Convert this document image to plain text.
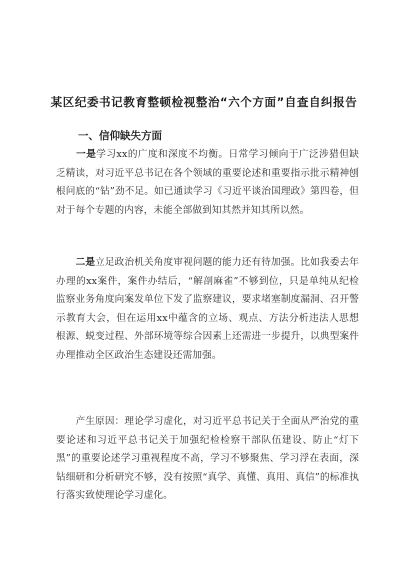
某区纪委书记教育整顿检视整治“六个方面”自查自纠报告
一、信仰缺失方面

　　一是学习xx的广度和深度不均衡。日常学习倾向于广泛涉猎但缺乏精读，对习近平总书记在各个领域的重要论述和重要指示批示精神刨根问底的“钻”劲不足。如已通读学习《习近平谈治国理政》第四卷，但对于每个专题的内容，未能全部做到知其然并知其所以然。

　　二是立足政治机关角度审视问题的能力还有待加强。比如我委去年办理的xx案件，案件办结后，“解剖麻雀”不够到位，只是单纯从纪检监察业务角度向案发单位下发了监察建议，要求堵塞制度漏洞、召开警示教育大会，但在运用xx中蕴含的立场、观点、方法分析违法人思想根源、蜕变过程、外部环境等综合因素上还需进一步提升，以典型案件办理推动全区政治生态建设还需加强。

　　产生原因：理论学习虚化，对习近平总书记关于全面从严治党的重要论述和习近平总书记关于加强纪检检察干部队伍建设、防止“灯下黑”的重要论述学习重视程度不高，学习不够聚焦、学习浮在表面，深钻细研和分析研究不够，没有按照“真学、真懂、真用、真信”的标准执行落实致使理论学习虚化。
